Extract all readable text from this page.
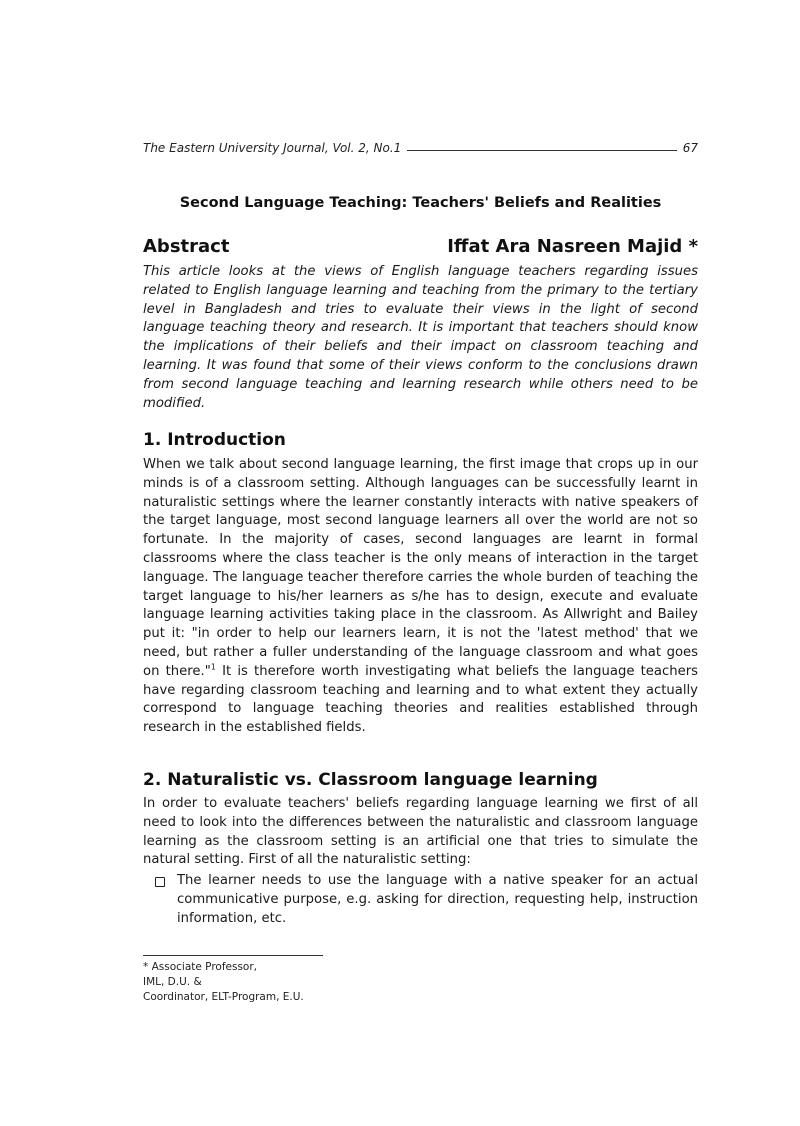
The Eastern University Journal, Vol. 2, No.1	67
Second Language Teaching: Teachers' Beliefs and Realities
Abstract	Iffat Ara Nasreen Majid *

This article looks at the views of English language teachers regarding issues related to English language learning and teaching from the primary to the tertiary level in Bangladesh and tries to evaluate their views in the light of second language teaching theory and research. It is important that teachers should know the implications of their beliefs and their impact on classroom teaching and learning. It was found that some of their views conform to the conclusions drawn from second language teaching and learning research while others need to be modified.

1. Introduction

When we talk about second language learning, the first image that crops up in our minds is of a classroom setting. Although languages can be successfully learnt in naturalistic settings where the learner constantly interacts with native speakers of the target language, most second language learners all over the world are not so fortunate. In the majority of cases, second languages are learnt in formal classrooms where the class teacher is the only means of interaction in the target language. The language teacher therefore carries the whole burden of teaching the target language to his/her learners as s/he has to design, execute and evaluate language learning activities taking place in the classroom. As Allwright and Bailey put it: "in order to help our learners learn, it is not the 'latest method' that we need, but rather a fuller understanding of the language classroom and what goes on there."$^1$ It is therefore worth investigating what beliefs the language teachers have regarding classroom teaching and learning and to what extent they actually correspond to language teaching theories and realities established through research in the established fields.

2. Naturalistic vs. Classroom language learning

In order to evaluate teachers' beliefs regarding language learning we first of all need to look into the differences between the naturalistic and classroom language learning as the classroom setting is an artificial one that tries to simulate the natural setting. First of all the naturalistic setting:

The learner needs to use the language with a native speaker for an actual communicative purpose, e.g. asking for direction, requesting help, instruction information, etc.

* Associate Professor,
IML, D.U. &
Coordinator, ELT-Program, E.U.
